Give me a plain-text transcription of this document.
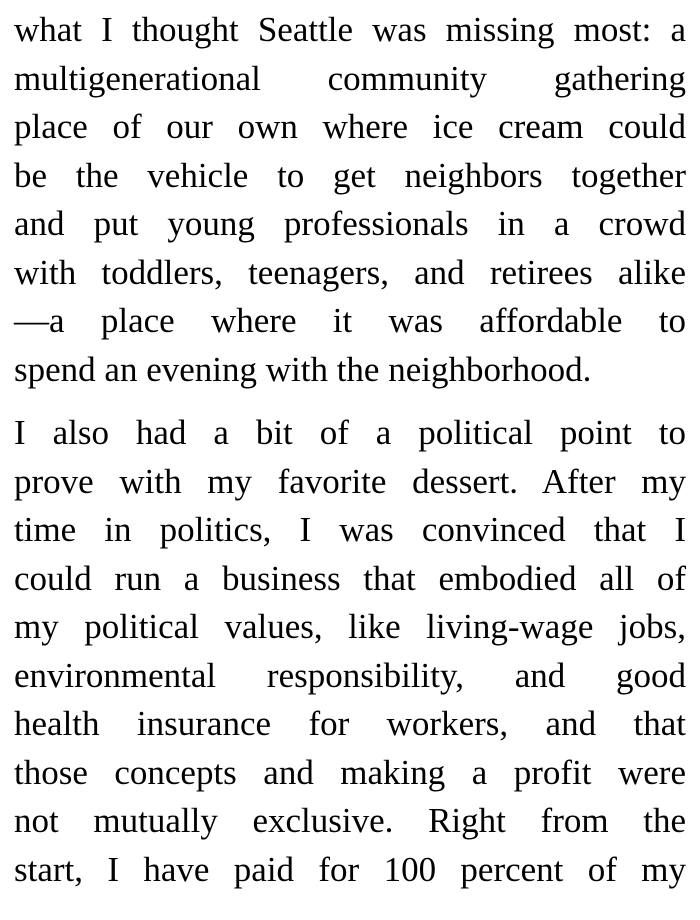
what I thought Seattle was missing most: a
multigenerational community gathering
place of our own where ice cream could
be the vehicle to get neighbors together
and put young professionals in a crowd
with toddlers, teenagers, and retirees alike
—a place where it was affordable to
spend an evening with the neighborhood.

I also had a bit of a political point to
prove with my favorite dessert. After my
time in politics, I was convinced that I
could run a business that embodied all of
my political values, like living-wage jobs,
environmental responsibility, and good
health insurance for workers, and that
those concepts and making a profit were
not mutually exclusive. Right from the
start, I have paid for 100 percent of my
